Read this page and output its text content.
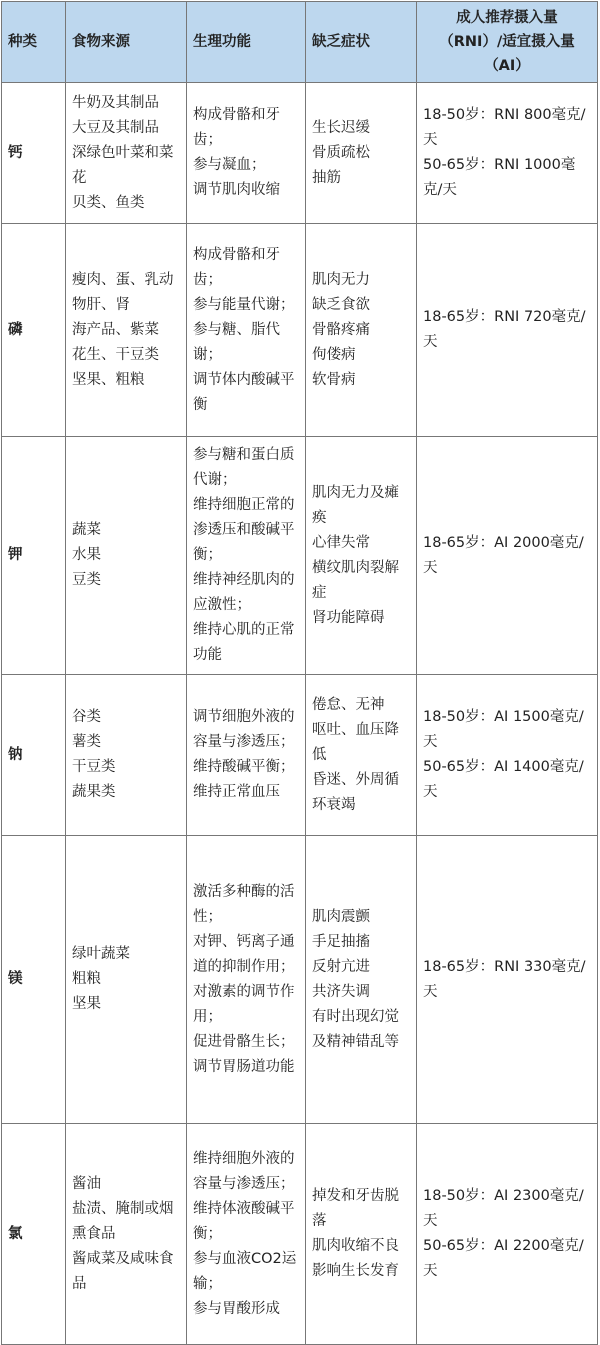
种类	食物来源	生理功能	缺乏症状	成人推荐摄入量
（RNI）/适宜摄入量
（AI）

钙	牛奶及其制品
大豆及其制品
深绿色叶菜和菜花
贝类、鱼类	构成骨骼和牙齿；
参与凝血；
调节肌肉收缩	生长迟缓
骨质疏松
抽筋	18-50岁：RNI 800毫克/天
50-65岁：RNI 1000毫克/天

磷	瘦肉、蛋、乳动物肝、肾
海产品、紫菜
花生、干豆类
坚果、粗粮	构成骨骼和牙齿；
参与能量代谢；
参与糖、脂代谢；
调节体内酸碱平衡	肌肉无力
缺乏食欲
骨骼疼痛
佝偻病
软骨病	18-65岁：RNI 720毫克/天

钾	蔬菜
水果
豆类	参与糖和蛋白质代谢；
维持细胞正常的渗透压和酸碱平衡；
维持神经肌肉的应激性；
维持心肌的正常功能	肌肉无力及瘫痪
心律失常
横纹肌肉裂解症
肾功能障碍	18-65岁：AI 2000毫克/天

钠	谷类
薯类
干豆类
蔬果类	调节细胞外液的容量与渗透压；
维持酸碱平衡；
维持正常血压	倦怠、无神
呕吐、血压降低
昏迷、外周循环衰竭	18-50岁：AI 1500毫克/天
50-65岁：AI 1400毫克/天

镁	绿叶蔬菜
粗粮
坚果	激活多种酶的活性；
对钾、钙离子通道的抑制作用；
对激素的调节作用；
促进骨骼生长；
调节胃肠道功能	肌肉震颤
手足抽搐
反射亢进
共济失调
有时出现幻觉及精神错乱等	18-65岁：RNI 330毫克/天

氯	酱油
盐渍、腌制或烟熏食品
酱咸菜及咸味食品	维持细胞外液的容量与渗透压；
维持体液酸碱平衡；
参与血液CO2运输；
参与胃酸形成	掉发和牙齿脱落
肌肉收缩不良
影响生长发育	18-50岁：AI 2300毫克/天
50-65岁：AI 2200毫克/天
